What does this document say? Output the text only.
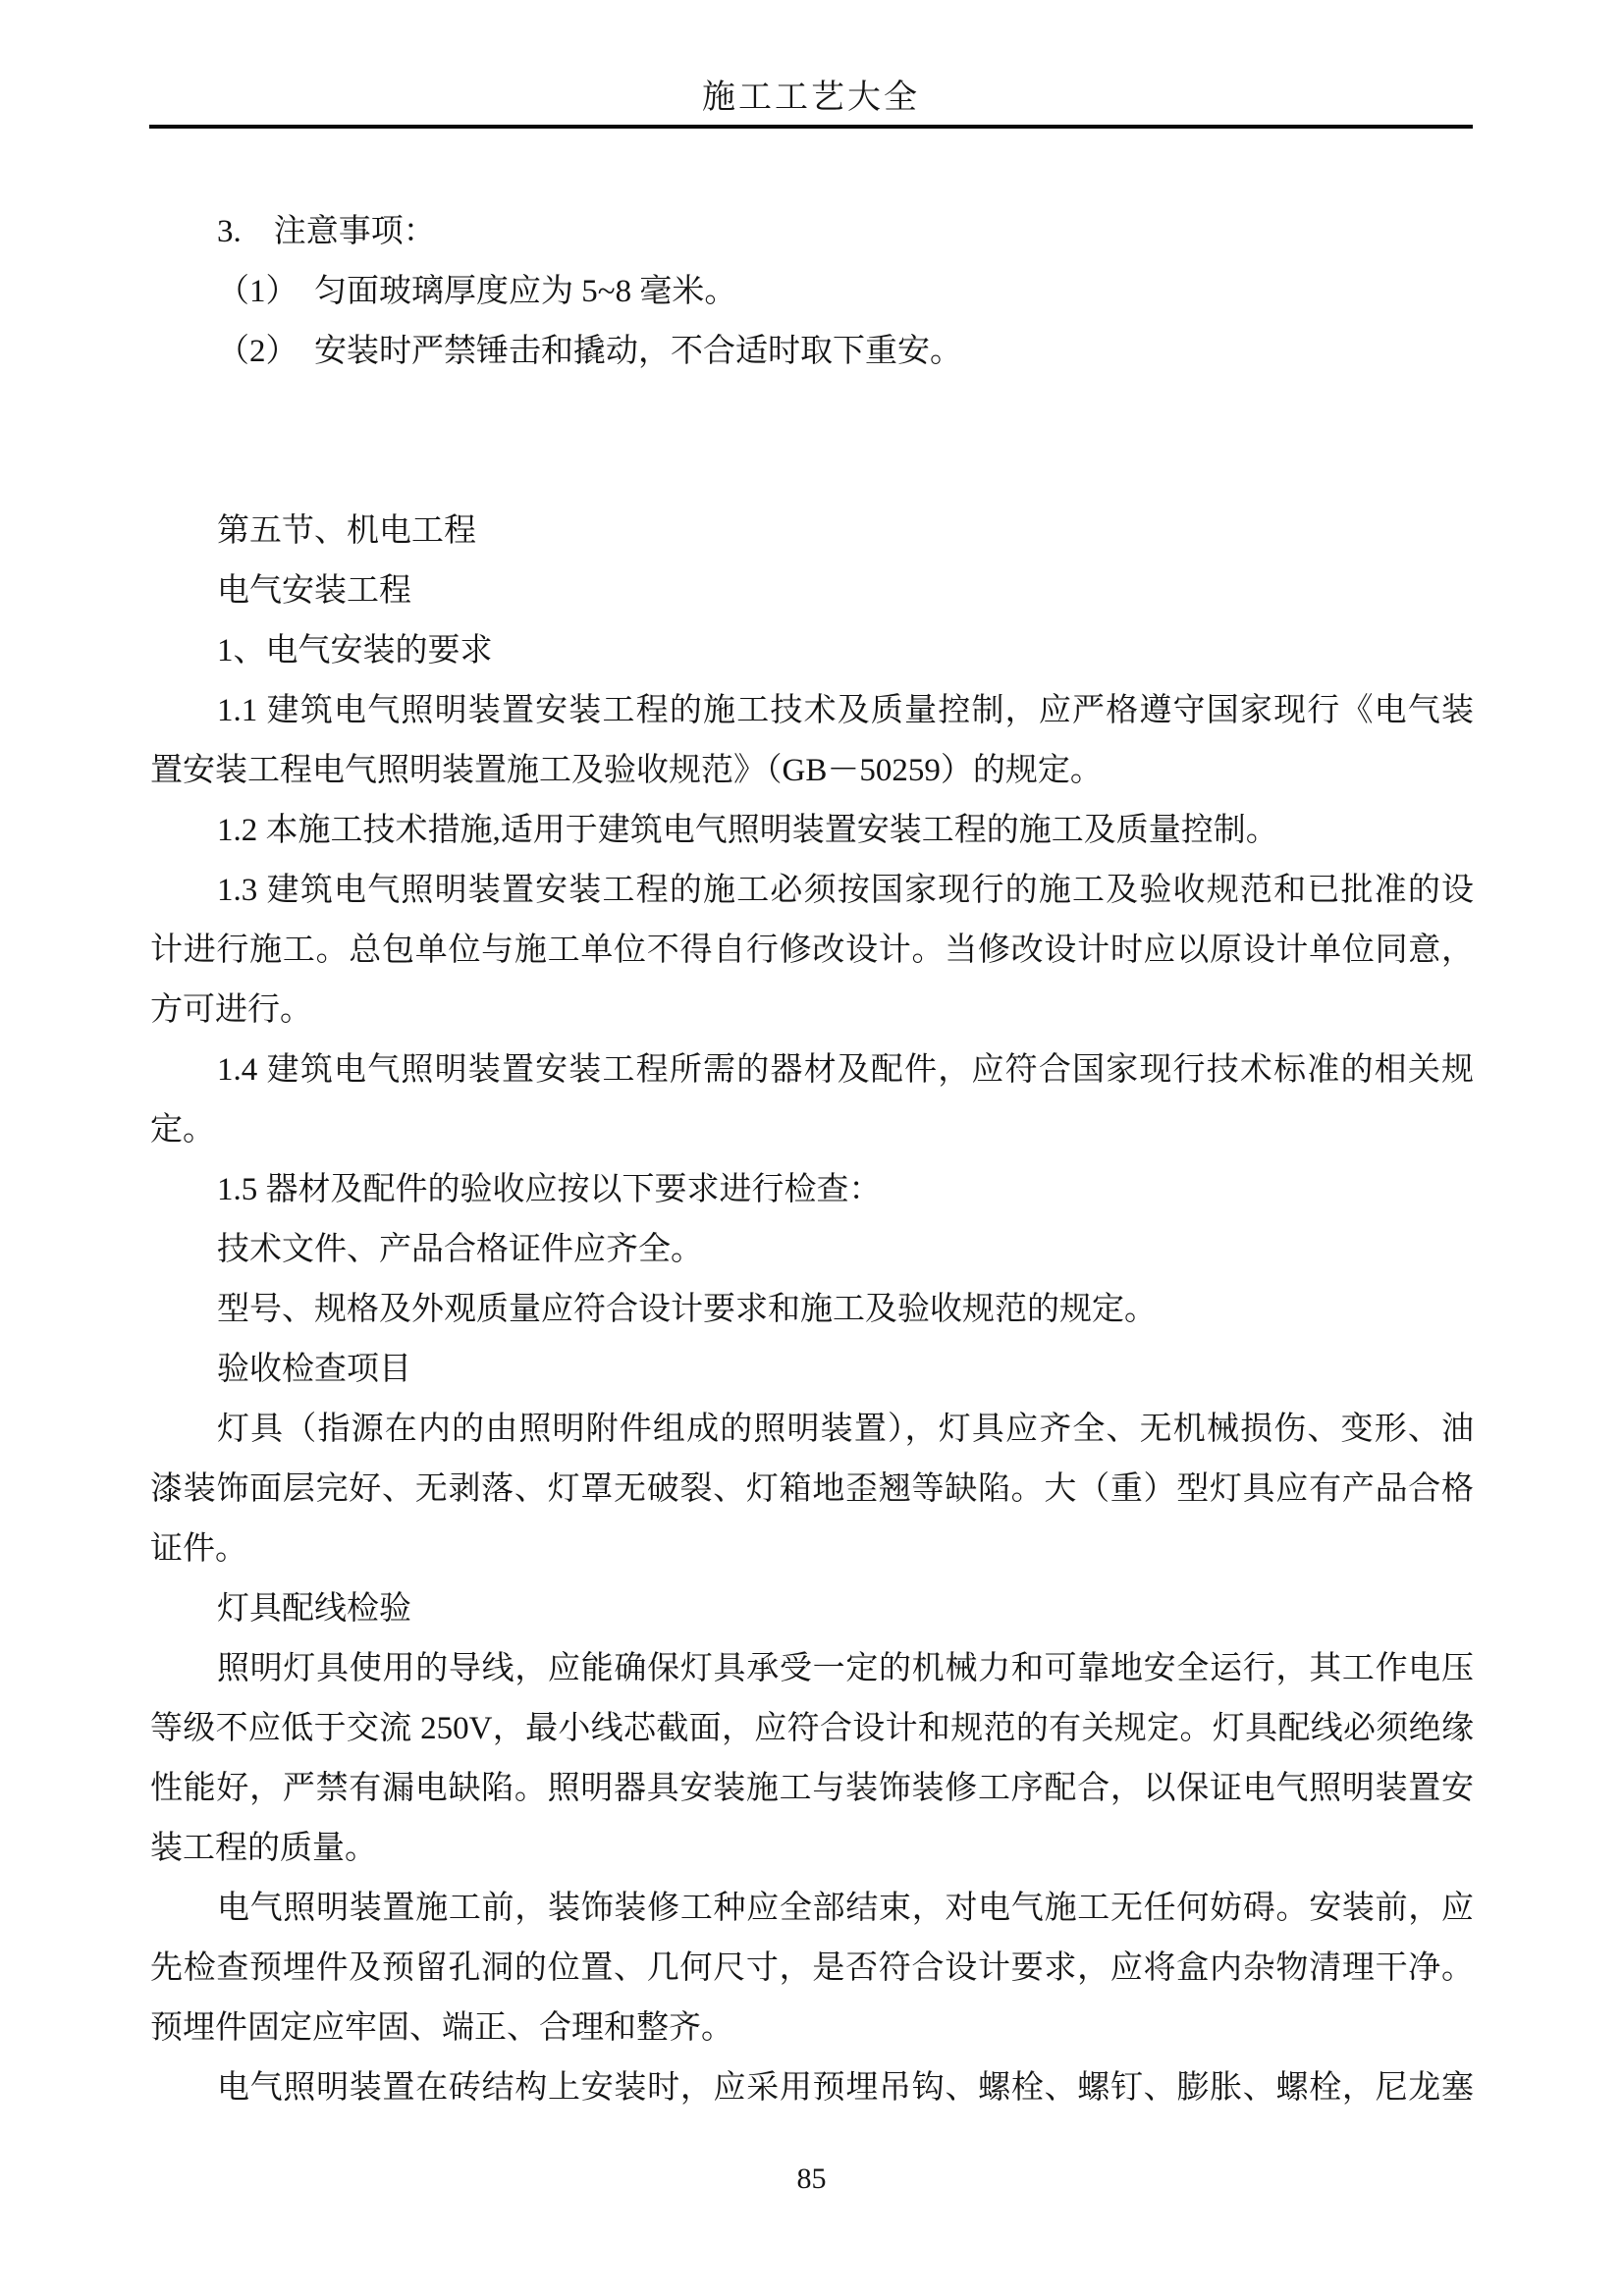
施工工艺大全
3.　注意事项：
（1）　匀面玻璃厚度应为 5~8 毫米。
（2）　安装时严禁锤击和撬动，不合适时取下重安。
第五节、机电工程
电气安装工程
1、电气安装的要求
1.1 建筑电气照明装置安装工程的施工技术及质量控制，应严格遵守国家现行《电气装
置安装工程电气照明装置施工及验收规范》（GB－50259）的规定。
1.2 本施工技术措施,适用于建筑电气照明装置安装工程的施工及质量控制。
1.3 建筑电气照明装置安装工程的施工必须按国家现行的施工及验收规范和已批准的设
计进行施工。总包单位与施工单位不得自行修改设计。当修改设计时应以原设计单位同意，
方可进行。
1.4 建筑电气照明装置安装工程所需的器材及配件，应符合国家现行技术标准的相关规
定。
1.5 器材及配件的验收应按以下要求进行检查：
技术文件、产品合格证件应齐全。
型号、规格及外观质量应符合设计要求和施工及验收规范的规定。
验收检查项目
灯具（指源在内的由照明附件组成的照明装置），灯具应齐全、无机械损伤、变形、油
漆装饰面层完好、无剥落、灯罩无破裂、灯箱地歪翘等缺陷。大（重）型灯具应有产品合格
证件。
灯具配线检验
照明灯具使用的导线，应能确保灯具承受一定的机械力和可靠地安全运行，其工作电压
等级不应低于交流 250V，最小线芯截面，应符合设计和规范的有关规定。灯具配线必须绝缘
性能好，严禁有漏电缺陷。照明器具安装施工与装饰装修工序配合，以保证电气照明装置安
装工程的质量。
电气照明装置施工前，装饰装修工种应全部结束，对电气施工无任何妨碍。安装前，应
先检查预埋件及预留孔洞的位置、几何尺寸，是否符合设计要求，应将盒内杂物清理干净。
预埋件固定应牢固、端正、合理和整齐。
电气照明装置在砖结构上安装时，应采用预埋吊钩、螺栓、螺钉、膨胀、螺栓，尼龙塞
85
